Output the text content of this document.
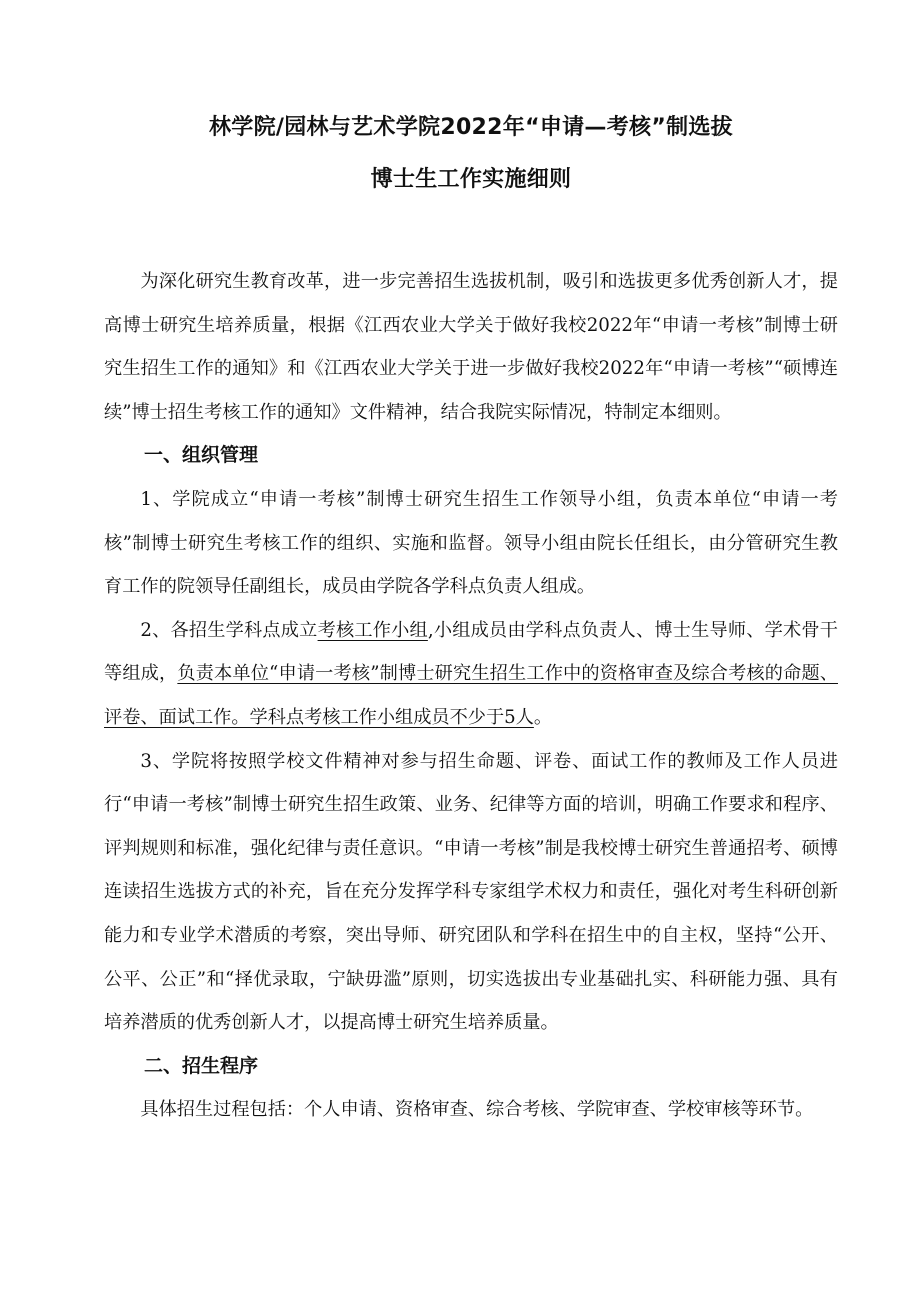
林学院/园林与艺术学院2022年“申请—考核”制选拔
博士生工作实施细则

为深化研究生教育改革，进一步完善招生选拔机制，吸引和选拔更多优秀创新人才，提高博士研究生培养质量，根据《江西农业大学关于做好我校2022年“申请一考核”制博士研究生招生工作的通知》和《江西农业大学关于进一步做好我校2022年“申请一考核”“硕博连续”博士招生考核工作的通知》文件精神，结合我院实际情况，特制定本细则。

一、组织管理

1、学院成立“申请一考核”制博士研究生招生工作领导小组，负责本单位“申请一考核”制博士研究生考核工作的组织、实施和监督。领导小组由院长任组长，由分管研究生教育工作的院领导任副组长，成员由学院各学科点负责人组成。

2、各招生学科点成立考核工作小组,小组成员由学科点负责人、博士生导师、学术骨干等组成，负责本单位“申请一考核”制博士研究生招生工作中的资格审查及综合考核的命题、评卷、面试工作。学科点考核工作小组成员不少于5人。

3、学院将按照学校文件精神对参与招生命题、评卷、面试工作的教师及工作人员进行“申请一考核”制博士研究生招生政策、业务、纪律等方面的培训，明确工作要求和程序、评判规则和标准，强化纪律与责任意识。“申请一考核”制是我校博士研究生普通招考、硕博连读招生选拔方式的补充，旨在充分发挥学科专家组学术权力和责任，强化对考生科研创新能力和专业学术潜质的考察，突出导师、研究团队和学科在招生中的自主权，坚持“公开、公平、公正”和“择优录取，宁缺毋滥”原则，切实选拔出专业基础扎实、科研能力强、具有培养潜质的优秀创新人才，以提高博士研究生培养质量。

二、招生程序

具体招生过程包括：个人申请、资格审查、综合考核、学院审查、学校审核等环节。
